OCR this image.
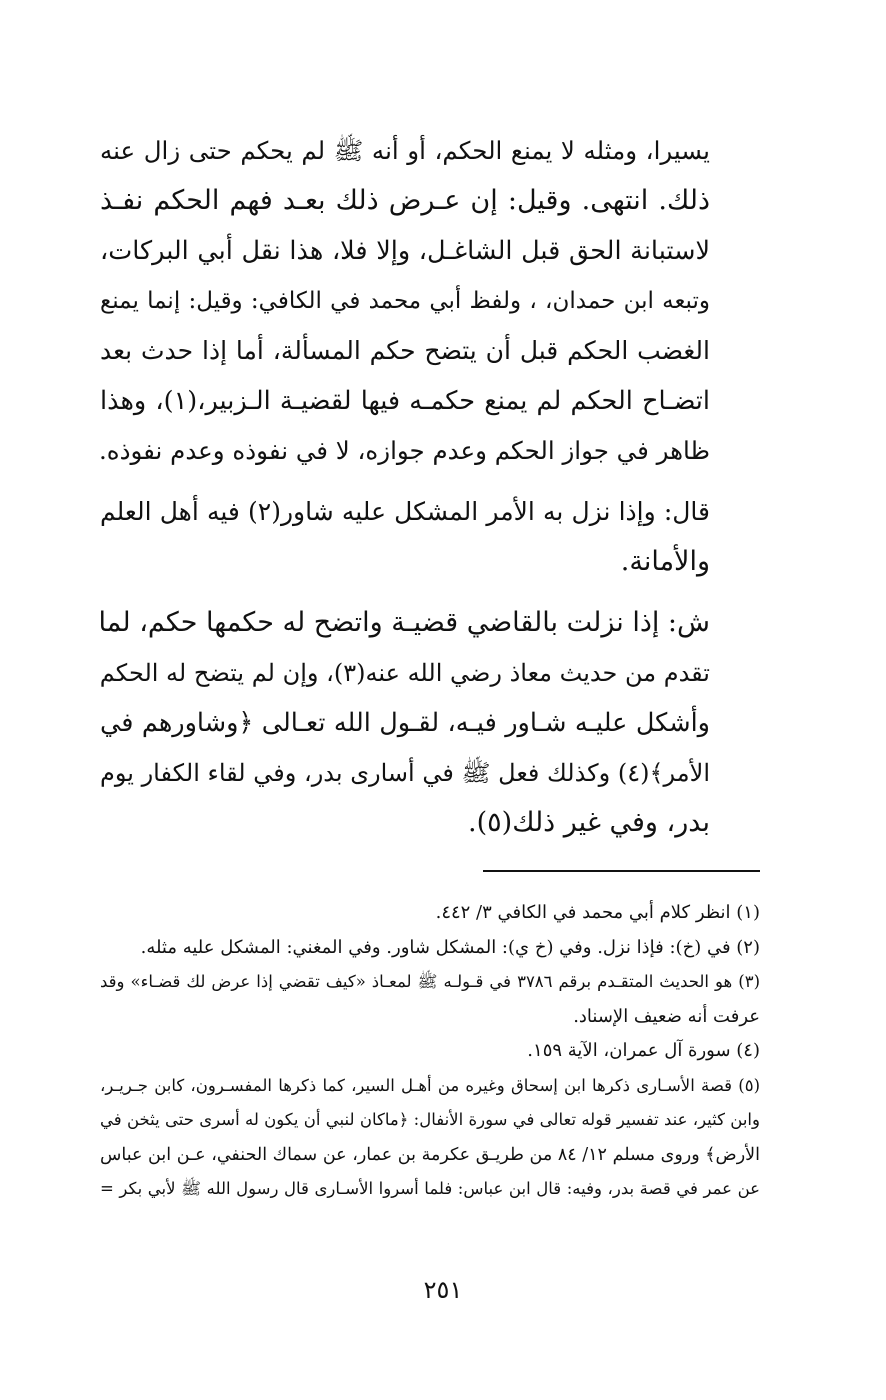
يسيرا، ومثله لا يمنع الحكم، أو أنه ﷺ لم يحكم حتى زال عنه
ذلك. انتهى. وقيل: إن عـرض ذلك بعـد فهم الحكم نفـذ
لاستبانة الحق قبل الشاغـل، وإلا فلا، هذا نقل أبي البركات،
وتبعه ابن حمدان، ، ولفظ أبي محمد في الكافي: وقيل: إنما يمنع
الغضب الحكم قبل أن يتضح حكم المسألة، أما إذا حدث بعد
اتضـاح الحكم لم يمنع حكمـه فيها لقضيـة الـزبير،(١)، وهذا
ظاهر في جواز الحكم وعدم جوازه، لا في نفوذه وعدم نفوذه.
قال: وإذا نزل به الأمر المشكل عليه شاور(٢) فيه أهل العلم
والأمانة.
ش: إذا نزلت بالقاضي قضيـة واتضح له حكمها حكم، لما
تقدم من حديث معاذ رضي الله عنه(٣)، وإن لم يتضح له الحكم
وأشكل عليـه شـاور فيـه، لقـول الله تعـالى ﴿وشاورهم في
الأمر﴾(٤) وكذلك فعل ﷺ في أسارى بدر، وفي لقاء الكفار يوم
بدر، وفي غير ذلك(٥).
(١) انظر كلام أبي محمد في الكافي ٣/ ٤٤٢.
(٢) في (خ): فإذا نزل. وفي (خ ي): المشكل شاور. وفي المغني: المشكل عليه مثله.
(٣) هو الحديث المتقـدم برقم ٣٧٨٦ في قـولـه ﷺ لمعـاذ «كيف تقضي إذا عرض لك قضـاء» وقد
عرفت أنه ضعيف الإسناد.
(٤) سورة آل عمران، الآية ١٥٩.
(٥) قصة الأسـارى ذكرها ابن إسحاق وغيره من أهـل السير، كما ذكرها المفسـرون، كابن جـريـر،
وابن كثير، عند تفسير قوله تعالى في سورة الأنفال: ﴿ماكان لنبي أن يكون له أسرى حتى يثخن في
الأرض﴾ وروى مسلم ١٢/ ٨٤ من طريـق عكرمة بن عمار، عن سماك الحنفي، عـن ابن عباس
عن عمر في قصة بدر، وفيه: قال ابن عباس: فلما أسروا الأسـارى قال رسول الله ﷺ لأبي بكر =
٢٥١
